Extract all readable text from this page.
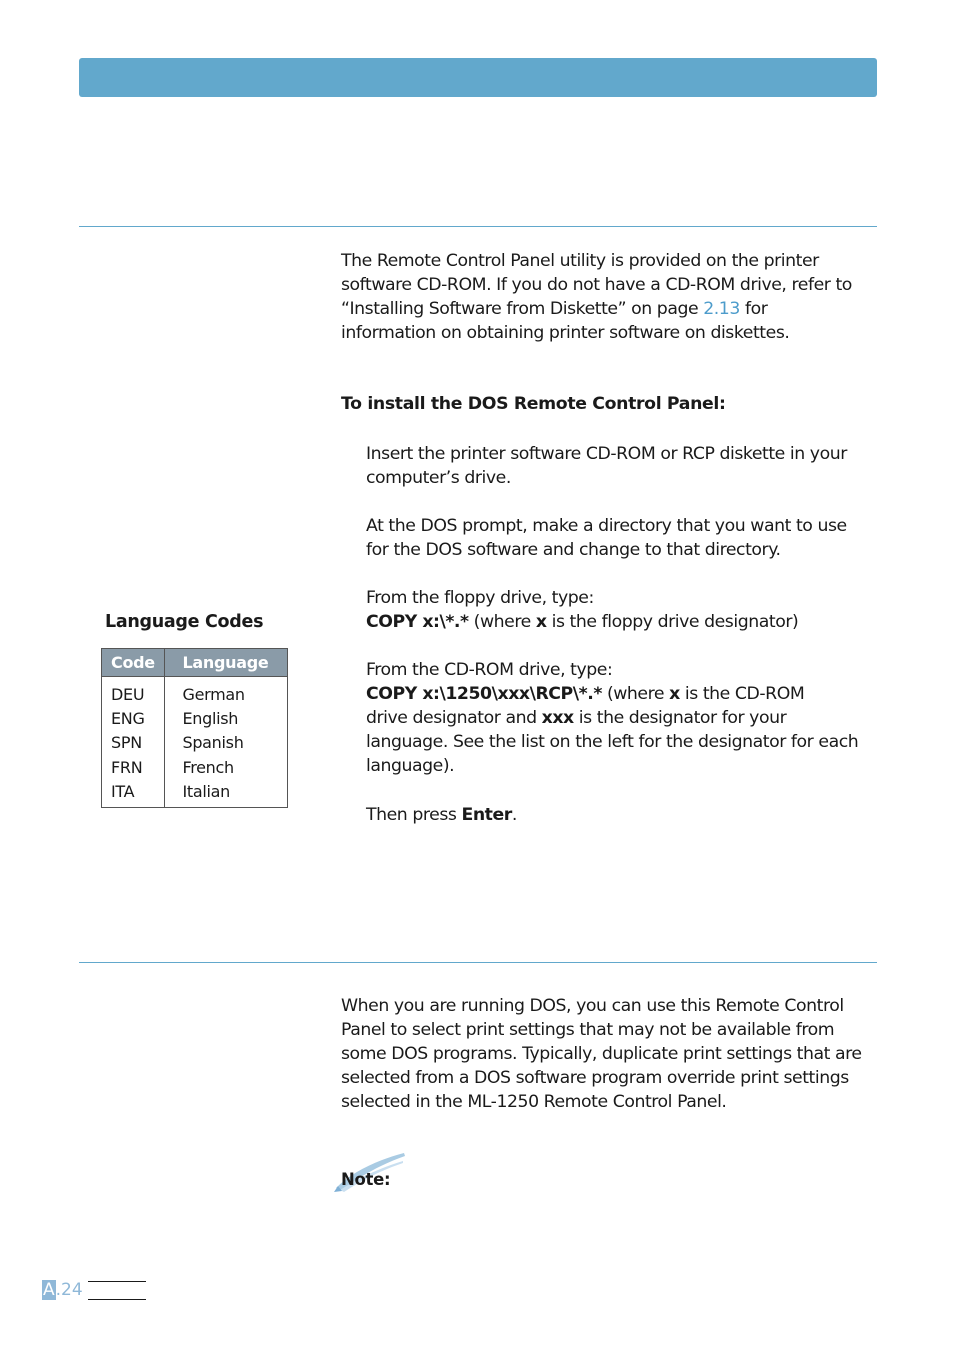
The Remote Control Panel utility is provided on the printer
software CD-ROM. If you do not have a CD-ROM drive, refer to
“Installing Software from Diskette” on page 2.13 for
information on obtaining printer software on diskettes.

To install the DOS Remote Control Panel:

Insert the printer software CD-ROM or RCP diskette in your
computer’s drive.
At the DOS prompt, make a directory that you want to use
for the DOS software and change to that directory.
From the floppy drive, type:
COPY x:\*.* (where x is the floppy drive designator)
From the CD-ROM drive, type:
COPY x:\1250\xxx\RCP\*.* (where x is the CD-ROM
drive designator and xxx is the designator for your
language. See the list on the left for the designator for each
language).
Then press Enter.

Language Codes

Code	Language
DEU	German
ENG	English
SPN	Spanish
FRN	French
ITA	Italian
When you are running DOS, you can use this Remote Control
Panel to select print settings that may not be available from
some DOS programs. Typically, duplicate print settings that are
selected from a DOS software program override print settings
selected in the ML-1250 Remote Control Panel.
Note:
A.24
